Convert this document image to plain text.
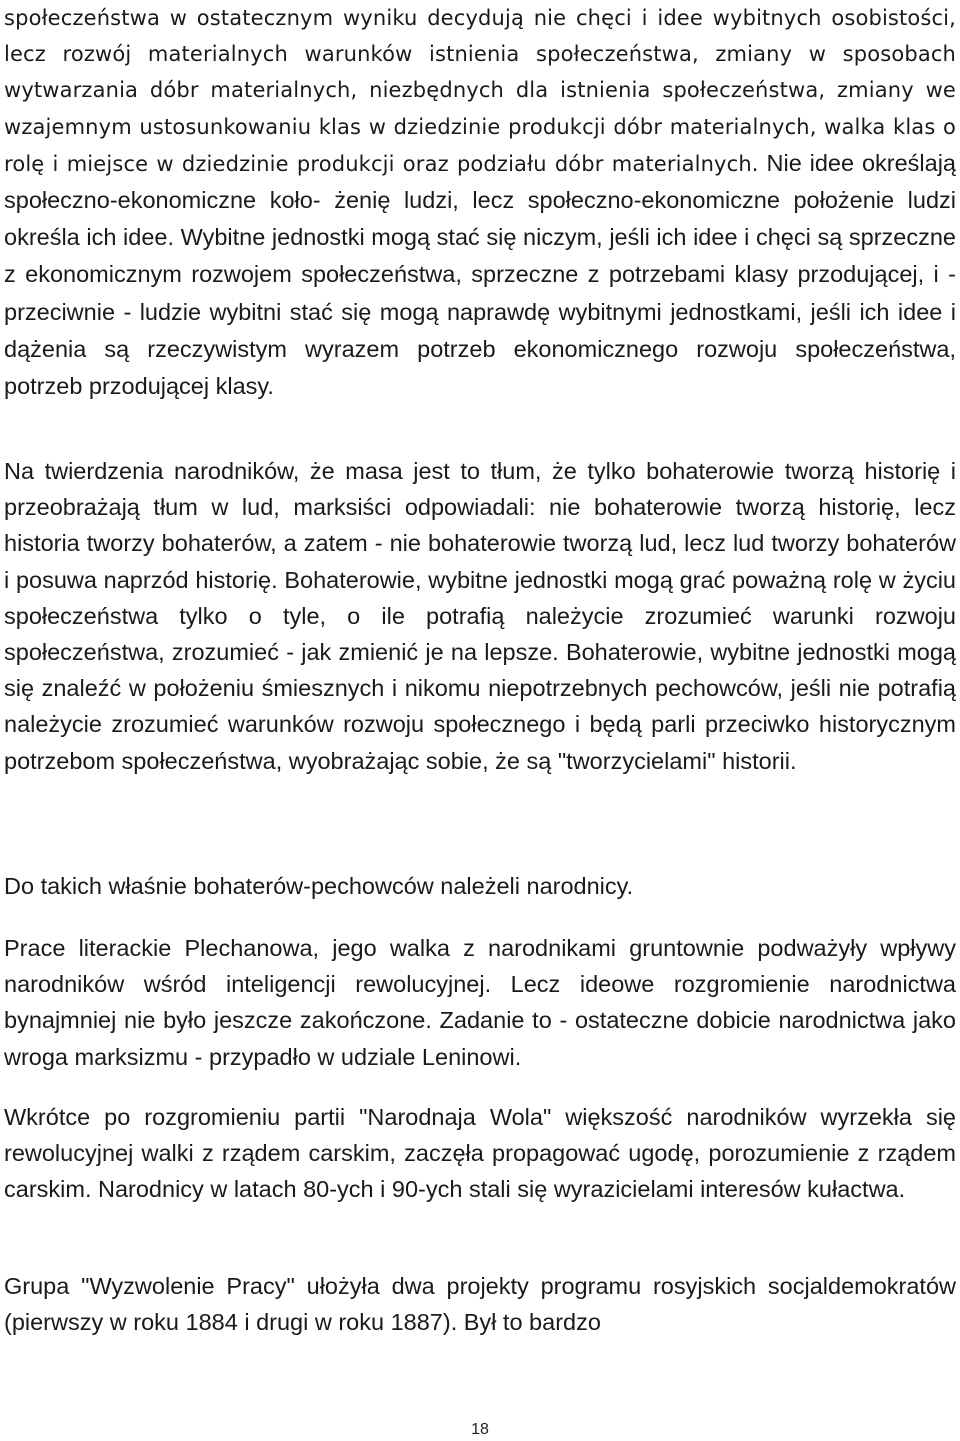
społeczeństwa w ostatecznym wyniku decydują nie chęci i idee wybitnych osobistości, lecz rozwój materialnych warunków istnienia społeczeństwa, zmiany w sposobach wytwarzania dóbr materialnych, niezbędnych dla istnienia społeczeństwa, zmiany we wzajemnym ustosunkowaniu klas w dziedzinie produkcji dóbr materialnych, walka klas o rolę i miejsce w dziedzinie produkcji oraz podziału dóbr materialnych. Nie idee określają społeczno-ekonomiczne koło- żenię ludzi, lecz społeczno-ekonomiczne położenie ludzi określa ich idee. Wybitne jednostki mogą stać się niczym, jeśli ich idee i chęci są sprzeczne z ekonomicznym rozwojem społeczeństwa, sprzeczne z potrzebami klasy przodującej, i - przeciwnie - ludzie wybitni stać się mogą naprawdę wybitnymi jednostkami, jeśli ich idee i dążenia są rzeczywistym wyrazem potrzeb ekonomicznego rozwoju społeczeństwa, potrzeb przodującej klasy.

Na twierdzenia narodników, że masa jest to tłum, że tylko bohaterowie tworzą historię i przeobrażają tłum w lud, marksiści odpowiadali: nie bohaterowie tworzą historię, lecz historia tworzy bohaterów, a zatem - nie bohaterowie tworzą lud, lecz lud tworzy bohaterów i posuwa naprzód historię. Bohaterowie, wybitne jednostki mogą grać poważną rolę w życiu społeczeństwa tylko o tyle, o ile potrafią należycie zrozumieć warunki rozwoju społeczeństwa, zrozumieć - jak zmienić je na lepsze. Bohaterowie, wybitne jednostki mogą się znaleźć w położeniu śmiesznych i nikomu niepotrzebnych pechowców, jeśli nie potrafią należycie zrozumieć warunków rozwoju społecznego i będą parli przeciwko historycznym potrzebom społeczeństwa, wyobrażając sobie, że są "tworzycielami" historii.

Do takich właśnie bohaterów-pechowców należeli narodnicy.

Prace literackie Plechanowa, jego walka z narodnikami gruntownie podważyły wpływy narodników wśród inteligencji rewolucyjnej. Lecz ideowe rozgromienie narodnictwa bynajmniej nie było jeszcze zakończone. Zadanie to - ostateczne dobicie narodnictwa jako wroga marksizmu - przypadło w udziale Leninowi.

Wkrótce po rozgromieniu partii "Narodnaja Wola" większość narodników wyrzekła się rewolucyjnej walki z rządem carskim, zaczęła propagować ugodę, porozumienie z rządem carskim. Narodnicy w latach 80-ych i 90-ych stali się wyrazicielami interesów kułactwa.

Grupa "Wyzwolenie Pracy" ułożyła dwa projekty programu rosyjskich socjaldemokratów (pierwszy w roku 1884 i drugi w roku 1887). Był to bardzo

18
